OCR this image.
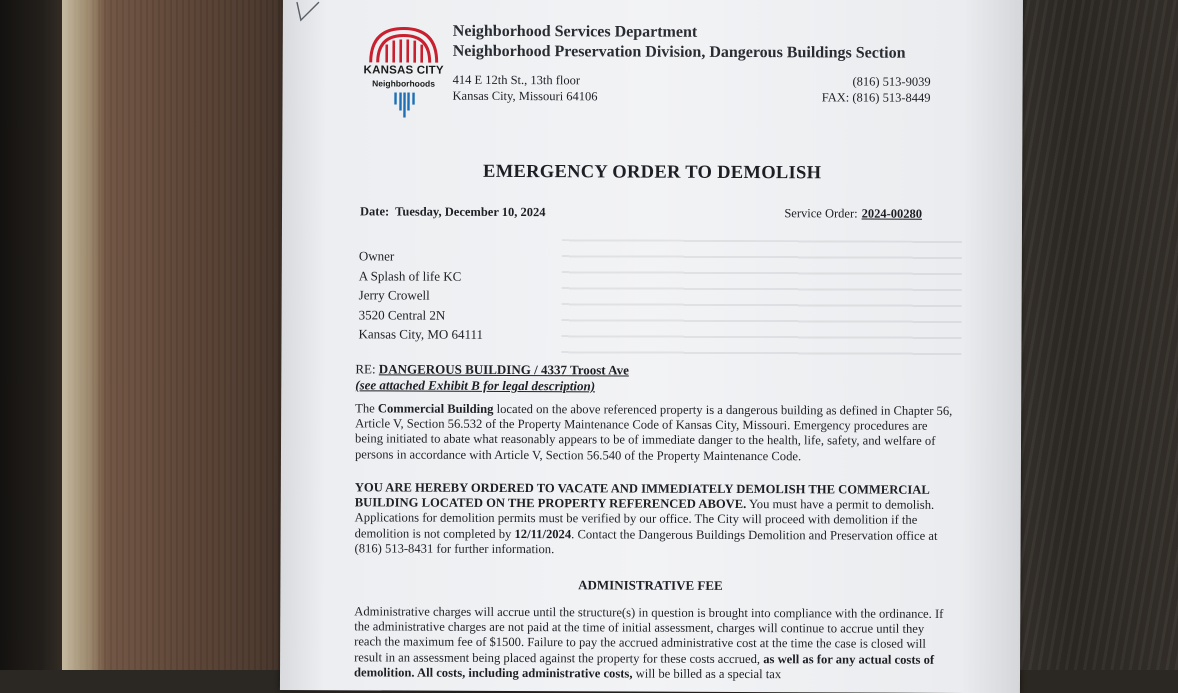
KANSAS CITY
Neighborhoods
Neighborhood Services Department
Neighborhood Preservation Division, Dangerous Buildings Section
414 E 12th St., 13th floor
Kansas City, Missouri 64106
(816) 513-9039
FAX: (816) 513-8449
EMERGENCY ORDER TO DEMOLISH
Date: Tuesday, December 10, 2024	Service Order: 2024-00280
Owner
A Splash of life KC
Jerry Crowell
3520 Central 2N
Kansas City, MO 64111
RE: DANGEROUS BUILDING / 4337 Troost Ave
(see attached Exhibit B for legal description)
The Commercial Building located on the above referenced property is a dangerous building as defined in Chapter 56, Article V, Section 56.532 of the Property Maintenance Code of Kansas City, Missouri. Emergency procedures are being initiated to abate what reasonably appears to be of immediate danger to the health, life, safety, and welfare of persons in accordance with Article V, Section 56.540 of the Property Maintenance Code.
YOU ARE HEREBY ORDERED TO VACATE AND IMMEDIATELY DEMOLISH THE COMMERCIAL BUILDING LOCATED ON THE PROPERTY REFERENCED ABOVE. You must have a permit to demolish. Applications for demolition permits must be verified by our office. The City will proceed with demolition if the demolition is not completed by 12/11/2024. Contact the Dangerous Buildings Demolition and Preservation office at (816) 513-8431 for further information.
ADMINISTRATIVE FEE
Administrative charges will accrue until the structure(s) in question is brought into compliance with the ordinance. If the administrative charges are not paid at the time of initial assessment, charges will continue to accrue until they reach the maximum fee of $1500. Failure to pay the accrued administrative cost at the time the case is closed will result in an assessment being placed against the property for these costs accrued, as well as for any actual costs of demolition. All costs, including administrative costs, will be billed as a special tax
